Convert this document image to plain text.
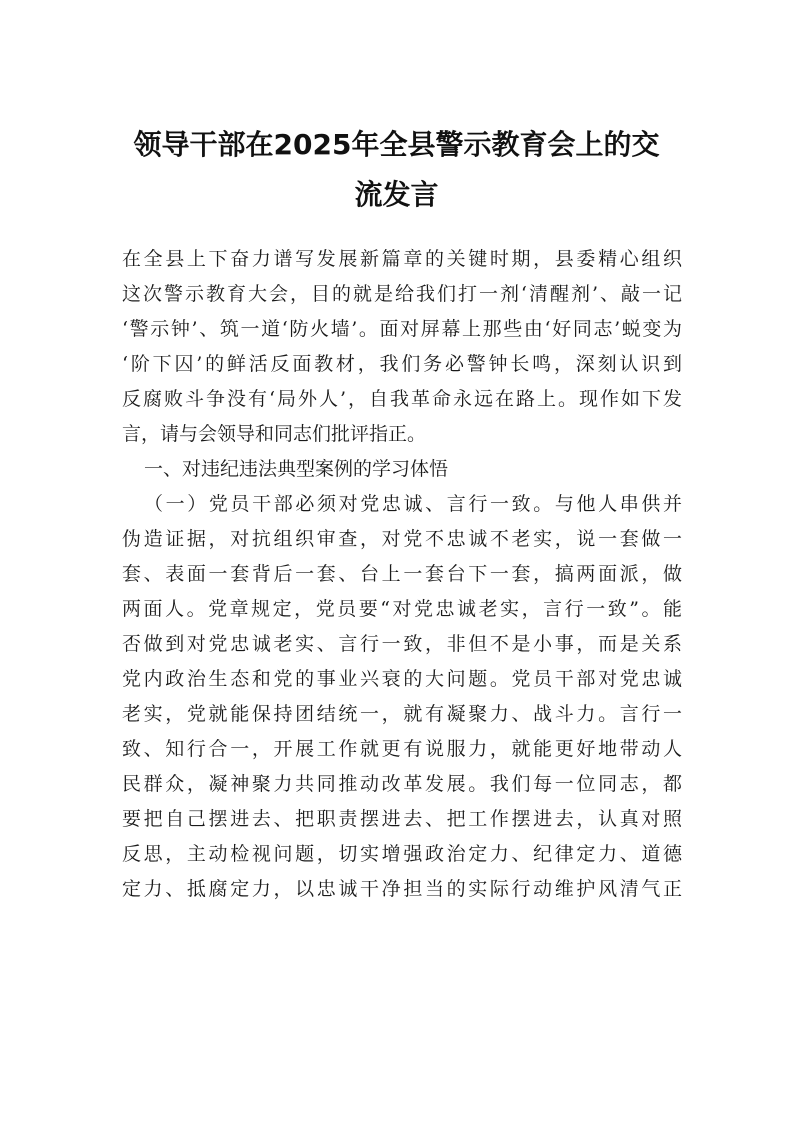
领导干部在2025年全县警示教育会上的交
流发言
在全县上下奋力谱写发展新篇章的关键时期，县委精心组织
这次警示教育大会，目的就是给我们打一剂‘清醒剂’、敲一记
‘警示钟’、筑一道‘防火墙’。面对屏幕上那些由‘好同志’蜕变为
‘阶下囚’的鲜活反面教材，我们务必警钟长鸣，深刻认识到
反腐败斗争没有‘局外人’，自我革命永远在路上。现作如下发
言，请与会领导和同志们批评指正。
一、对违纪违法典型案例的学习体悟
（一）党员干部必须对党忠诚、言行一致。与他人串供并
伪造证据，对抗组织审查，对党不忠诚不老实，说一套做一
套、表面一套背后一套、台上一套台下一套，搞两面派，做
两面人。党章规定，党员要“对党忠诚老实，言行一致”。能
否做到对党忠诚老实、言行一致，非但不是小事，而是关系
党内政治生态和党的事业兴衰的大问题。党员干部对党忠诚
老实，党就能保持团结统一，就有凝聚力、战斗力。言行一
致、知行合一，开展工作就更有说服力，就能更好地带动人
民群众，凝神聚力共同推动改革发展。我们每一位同志，都
要把自己摆进去、把职责摆进去、把工作摆进去，认真对照
反思，主动检视问题，切实增强政治定力、纪律定力、道德
定力、抵腐定力，以忠诚干净担当的实际行动维护风清气正
